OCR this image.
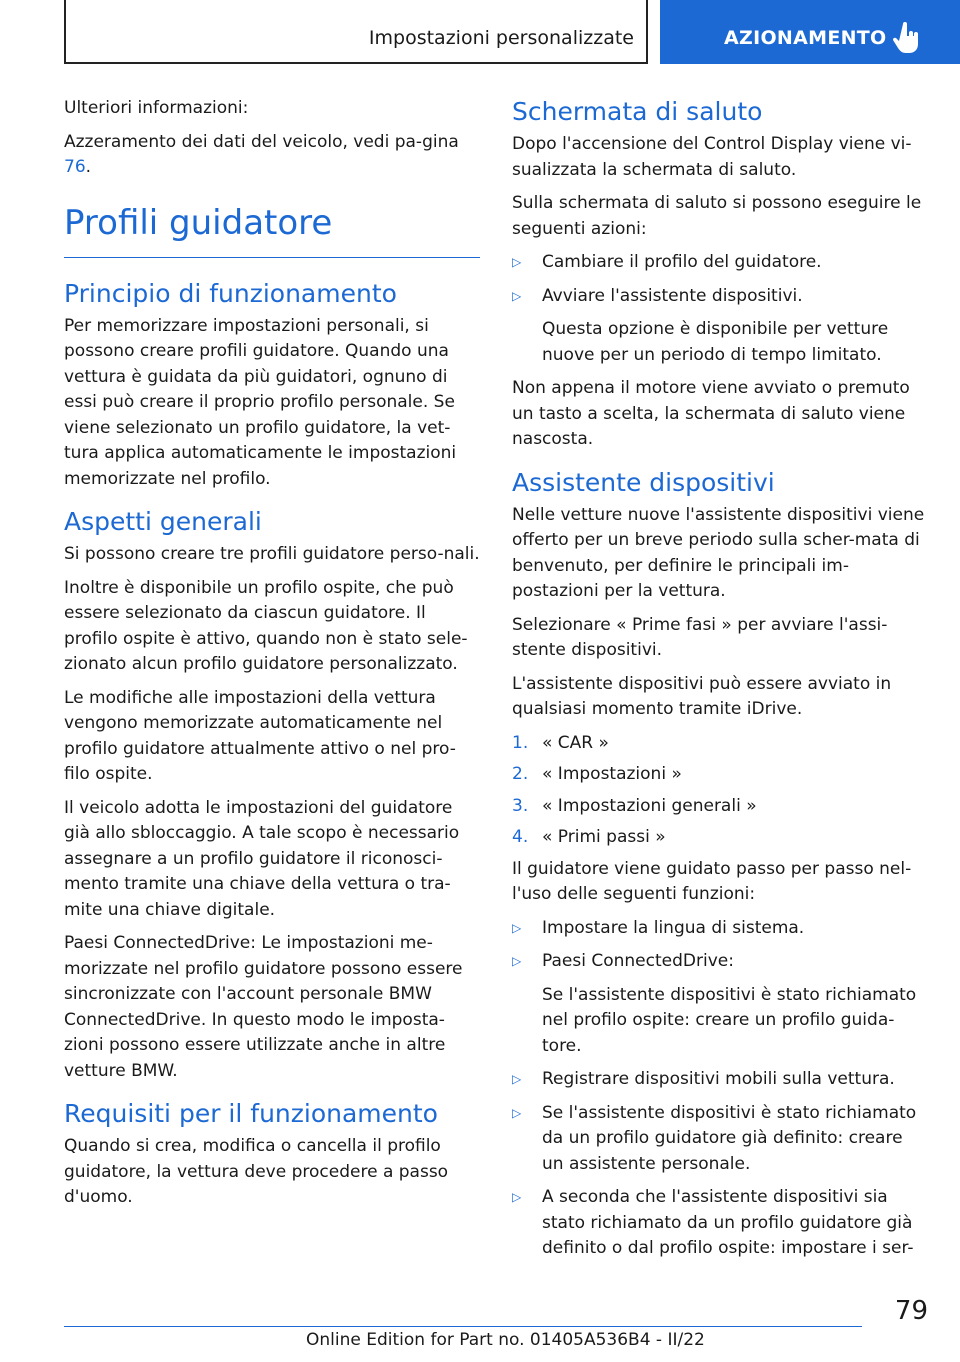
Impostazioni personalizzate	AZIONAMENTO

Ulteriori informazioni:

Azzeramento dei dati del veicolo, vedi pa-gina 76.

Profili guidatore
Principio di funzionamento

Per memorizzare impostazioni personali, si possono creare profili guidatore. Quando una vettura è guidata da più guidatori, ognuno di essi può creare il proprio profilo personale. Se viene selezionato un profilo guidatore, la vet-tura applica automaticamente le impostazioni memorizzate nel profilo.

Aspetti generali

Si possono creare tre profili guidatore perso-nali.

Inoltre è disponibile un profilo ospite, che può essere selezionato da ciascun guidatore. Il profilo ospite è attivo, quando non è stato sele-zionato alcun profilo guidatore personalizzato.

Le modifiche alle impostazioni della vettura vengono memorizzate automaticamente nel profilo guidatore attualmente attivo o nel pro-filo ospite.

Il veicolo adotta le impostazioni del guidatore già allo sbloccaggio. A tale scopo è necessario assegnare a un profilo guidatore il riconosci-mento tramite una chiave della vettura o tra-mite una chiave digitale.

Paesi ConnectedDrive: Le impostazioni me-morizzate nel profilo guidatore possono essere sincronizzate con l'account personale BMW ConnectedDrive. In questo modo le imposta-zioni possono essere utilizzate anche in altre vetture BMW.

Requisiti per il funzionamento

Quando si crea, modifica o cancella il profilo guidatore, la vettura deve procedere a passo d'uomo.

Schermata di saluto

Dopo l'accensione del Control Display viene vi-sualizzata la schermata di saluto.

Sulla schermata di saluto si possono eseguire le seguenti azioni:

▷	Cambiare il profilo del guidatore.
▷	Avviare l'assistente dispositivi.

Questa opzione è disponibile per vetture nuove per un periodo di tempo limitato.

Non appena il motore viene avviato o premuto un tasto a scelta, la schermata di saluto viene nascosta.

Assistente dispositivi

Nelle vetture nuove l'assistente dispositivi viene offerto per un breve periodo sulla scher-mata di benvenuto, per definire le principali im-postazioni per la vettura.

Selezionare « Prime fasi » per avviare l'assi-stente dispositivi.

L'assistente dispositivi può essere avviato in qualsiasi momento tramite iDrive.

1. « CAR »
2. « Impostazioni »
3. « Impostazioni generali »
4. « Primi passi »

Il guidatore viene guidato passo per passo nel-l'uso delle seguenti funzioni:

▷	Impostare la lingua di sistema.
▷	Paesi ConnectedDrive:

Se l'assistente dispositivi è stato richiamato nel profilo ospite: creare un profilo guida-tore.

▷	Registrare dispositivi mobili sulla vettura.
▷	Se l'assistente dispositivi è stato richiamato da un profilo guidatore già definito: creare un assistente personale.
▷	A seconda che l'assistente dispositivi sia stato richiamato da un profilo guidatore già definito o dal profilo ospite: impostare i ser-
79
Online Edition for Part no. 01405A536B4 - II/22
